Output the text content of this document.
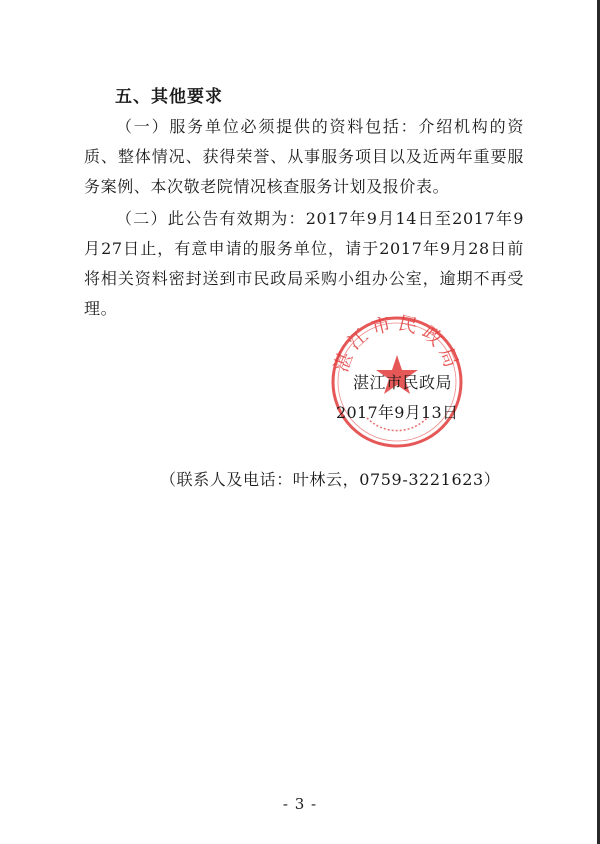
五、其他要求
（一）服务单位必须提供的资料包括：介绍机构的资质、整体情况、获得荣誉、从事服务项目以及近两年重要服务案例、本次敬老院情况核查服务计划及报价表。
（二）此公告有效期为：2017年9月14日至2017年9月27日止，有意申请的服务单位，请于2017年9月28日前将相关资料密封送到市民政局采购小组办公室，逾期不再受理。
湛江市民政局
湛江市民政局
2017年9月13日
（联系人及电话：叶林云，0759-3221623）
- 3 -
